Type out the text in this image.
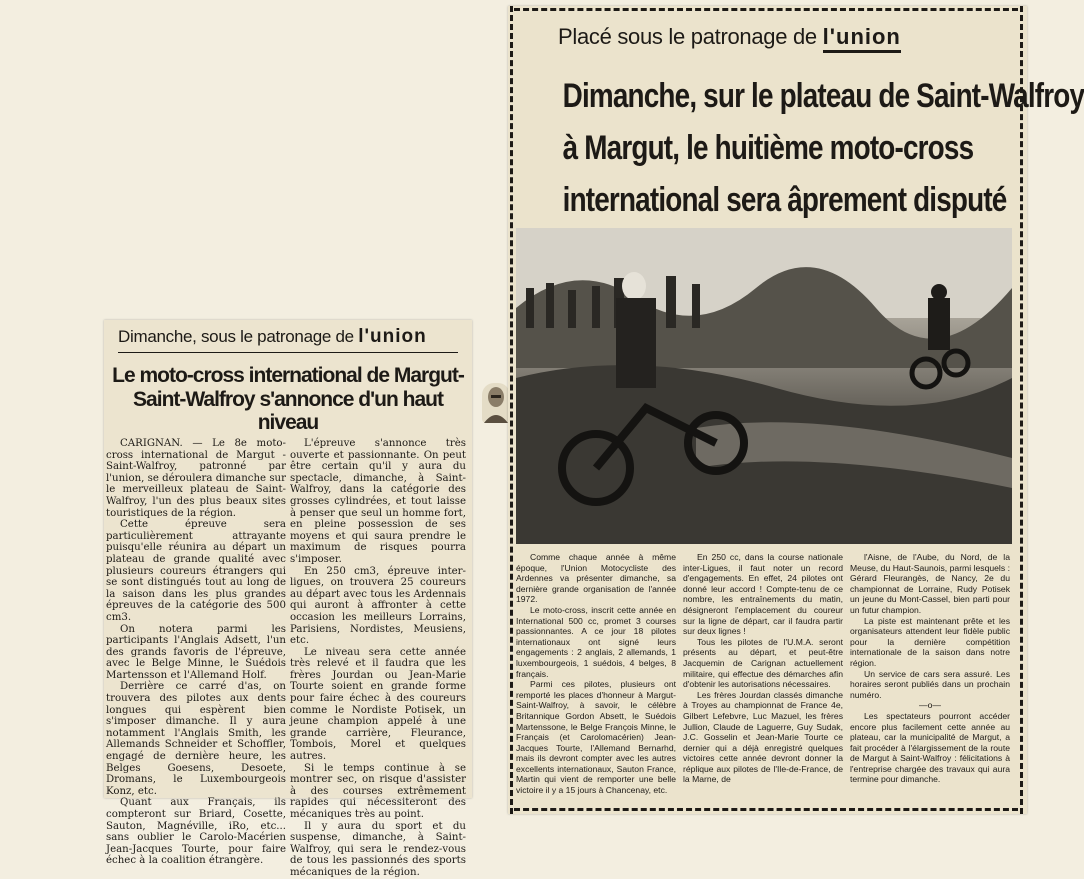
Dimanche, sous le patronage de l'union
Le moto-cross international de Margut-
Saint-Walfroy s'annonce d'un haut niveau

CARIGNAN. — Le 8e moto-cross international de Margut - Saint-Walfroy, patronné par l'union, se déroulera dimanche sur le merveilleux plateau de Saint-Walfroy, l'un des plus beaux sites touristiques de la région.

Cette épreuve sera particulièrement attrayante puisqu'elle réunira au départ un plateau de grande qualité avec plusieurs coureurs étrangers qui se sont distingués tout au long de la saison dans les plus grandes épreuves de la catégorie des 500 cm3.

On notera parmi les participants l'Anglais Adsett, l'un des grands favoris de l'épreuve, avec le Belge Minne, le Suédois Martensson et l'Allemand Holf.

Derrière ce carré d'as, on trouvera des pilotes aux dents longues qui espèrent bien s'imposer dimanche. Il y aura notamment l'Anglais Smith, les Allemands Schneider et Schoffler, engagé de dernière heure, les Belges Goesens, Desoete, Dromans, le Luxembourgeois Konz, etc.

Quant aux Français, ils compteront sur Briard, Cosette, Sauton, Magnéville, iRo, etc... sans oublier le Carolo-Macérien Jean-Jacques Tourte, pour faire échec à la coalition étrangère.

L'épreuve s'annonce très ouverte et passionnante. On peut être certain qu'il y aura du spectacle, dimanche, à Saint-Walfroy, dans la catégorie des grosses cylindrées, et tout laisse à penser que seul un homme fort, en pleine possession de ses moyens et qui saura prendre le maximum de risques pourra s'imposer.

En 250 cm3, épreuve inter-ligues, on trouvera 25 coureurs au départ avec tous les Ardennais qui auront à affronter à cette occasion les meilleurs Lorrains, Parisiens, Nordistes, Meusiens, etc.

Le niveau sera cette année très relevé et il faudra que les frères Jourdan ou Jean-Marie Tourte soient en grande forme pour faire échec à des coureurs comme le Nordiste Potisek, un jeune champion appelé à une grande carrière, Fleurance, Tombois, Morel et quelques autres.

Si le temps continue à se montrer sec, on risque d'assister à des courses extrêmement rapides qui nécessiteront des mécaniques très au point.

Il y aura du sport et du suspense, dimanche, à Saint-Walfroy, qui sera le rendez-vous de tous les passionnés des sports mécaniques de la région.

Placé sous le patronage de l'union
Dimanche, sur le plateau de Saint-Walfroy
à Margut, le huitième moto-cross
international sera âprement disputé

Comme chaque année à même époque, l'Union Motocycliste des Ardennes va présenter dimanche, sa dernière grande organisation de l'année 1972.

Le moto-cross, inscrit cette année en International 500 cc, promet 3 courses passionnantes. A ce jour 18 pilotes internationaux ont signé leurs engagements : 2 anglais, 2 allemands, 1 luxembourgeois, 1 suédois, 4 belges, 8 français.

Parmi ces pilotes, plusieurs ont remporté les places d'honneur à Margut-Saint-Walfroy, à savoir, le célèbre Britannique Gordon Absett, le Suédois Martenssone, le Belge François Minne, le Français (et Carolomacérien) Jean-Jacques Tourte, l'Allemand Bernarhd, mais ils devront compter avec les autres excellents internationaux, Sauton France, Martin qui vient de remporter une belle victoire il y a 15 jours à Chancenay, etc.

En 250 cc, dans la course nationale inter-Ligues, il faut noter un record d'engagements. En effet, 24 pilotes ont donné leur accord ! Compte-tenu de ce nombre, les entraînements du matin, désigneront l'emplacement du coureur sur la ligne de départ, car il faudra partir sur deux lignes !

Tous les pilotes de l'U.M.A. seront présents au départ, et peut-être Jacquemin de Carignan actuellement militaire, qui effectue des démarches afin d'obtenir les autorisations nécessaires.

Les frères Jourdan classés dimanche à Troyes au championnat de France 4e, Gilbert Lefebvre, Luc Mazuel, les frères Jullion, Claude de Laguerre, Guy Sudak, J.C. Gosselin et Jean-Marie Tourte ce dernier qui a déjà enregistré quelques victoires cette année devront donner la réplique aux pilotes de l'Ile-de-France, de la Marne, de

l'Aisne, de l'Aube, du Nord, de la Meuse, du Haut-Saunois, parmi lesquels : Gérard Fleurangès, de Nancy, 2e du championnat de Lorraine, Rudy Potisek un jeune du Mont-Cassel, bien parti pour un futur champion.

La piste est maintenant prête et les organisateurs attendent leur fidèle public pour la dernière compétition internationale de la saison dans notre région.

Un service de cars sera assuré. Les horaires seront publiés dans un prochain numéro.

—o—

Les spectateurs pourront accéder encore plus facilement cette année au plateau, car la municipalité de Margut, a fait procéder à l'élargissement de la route de Margut à Saint-Walfroy : félicitations à l'entreprise chargée des travaux qui aura termine pour dimanche.
